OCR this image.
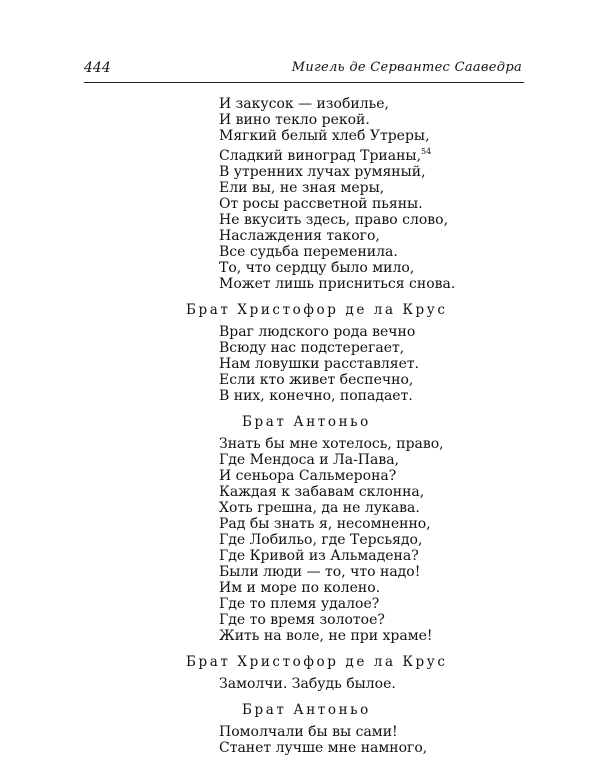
444	Мигель де Сервантес Сааведра
И закусок — изобилье,
И вино текло рекой.
Мягкий белый хлеб Утреры,
Сладкий виноград Трианы,$^{54}$
В утренних лучах румяный,
Ели вы, не зная меры,
От росы рассветной пьяны.
Не вкусить здесь, право слово,
Наслаждения такого,
Все судьба переменила.
То, что сердцу было мило,
Может лишь присниться снова.
Брат Христофор де ла Крус
Враг людского рода вечно
Всюду нас подстерегает,
Нам ловушки расставляет.
Если кто живет беспечно,
В них, конечно, попадает.
Брат Антоньо
Знать бы мне хотелось, право,
Где Мендоса и Ла-Пава,
И сеньора Сальмерона?
Каждая к забавам склонна,
Хоть грешна, да не лукава.
Рад бы знать я, несомненно,
Где Лобильо, где Терсьядо,
Где Кривой из Альмадена?
Были люди — то, что надо!
Им и море по колено.
Где то племя удалое?
Где то время золотое?
Жить на воле, не при храме!
Брат Христофор де ла Крус
Замолчи. Забудь былое.
Брат Антоньо
Помолчали бы вы сами!
Станет лучше мне намного,
